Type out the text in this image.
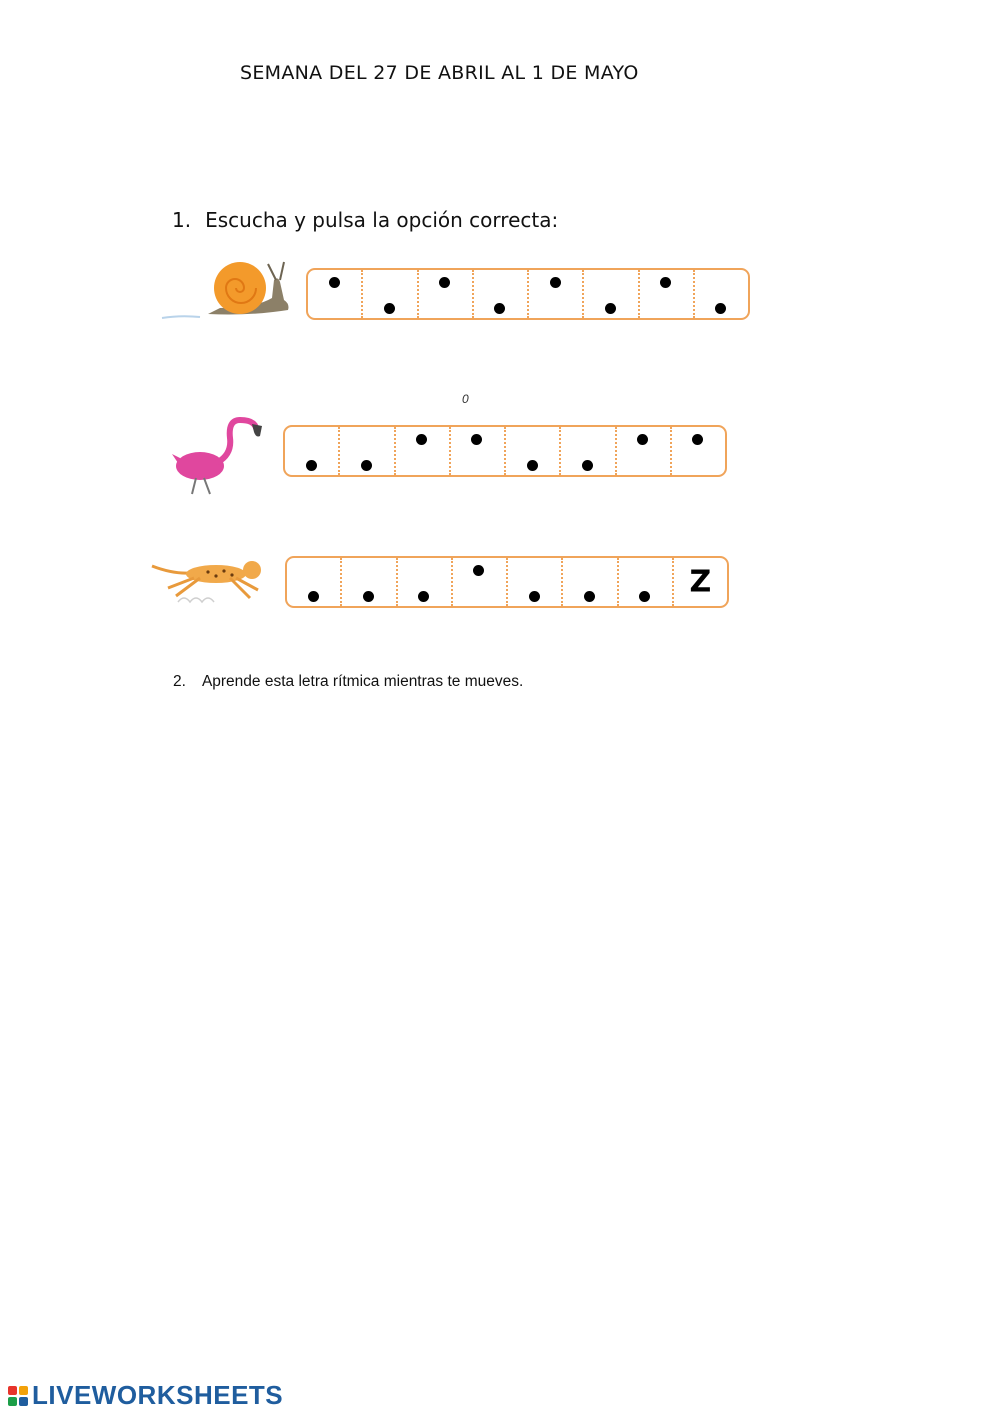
SEMANA DEL 27 DE ABRIL AL 1 DE MAYO
1. Escucha y pulsa la opción correcta:
0
Z
2. Aprende esta letra rítmica mientras te mueves.
LIVEWORKSHEETS
